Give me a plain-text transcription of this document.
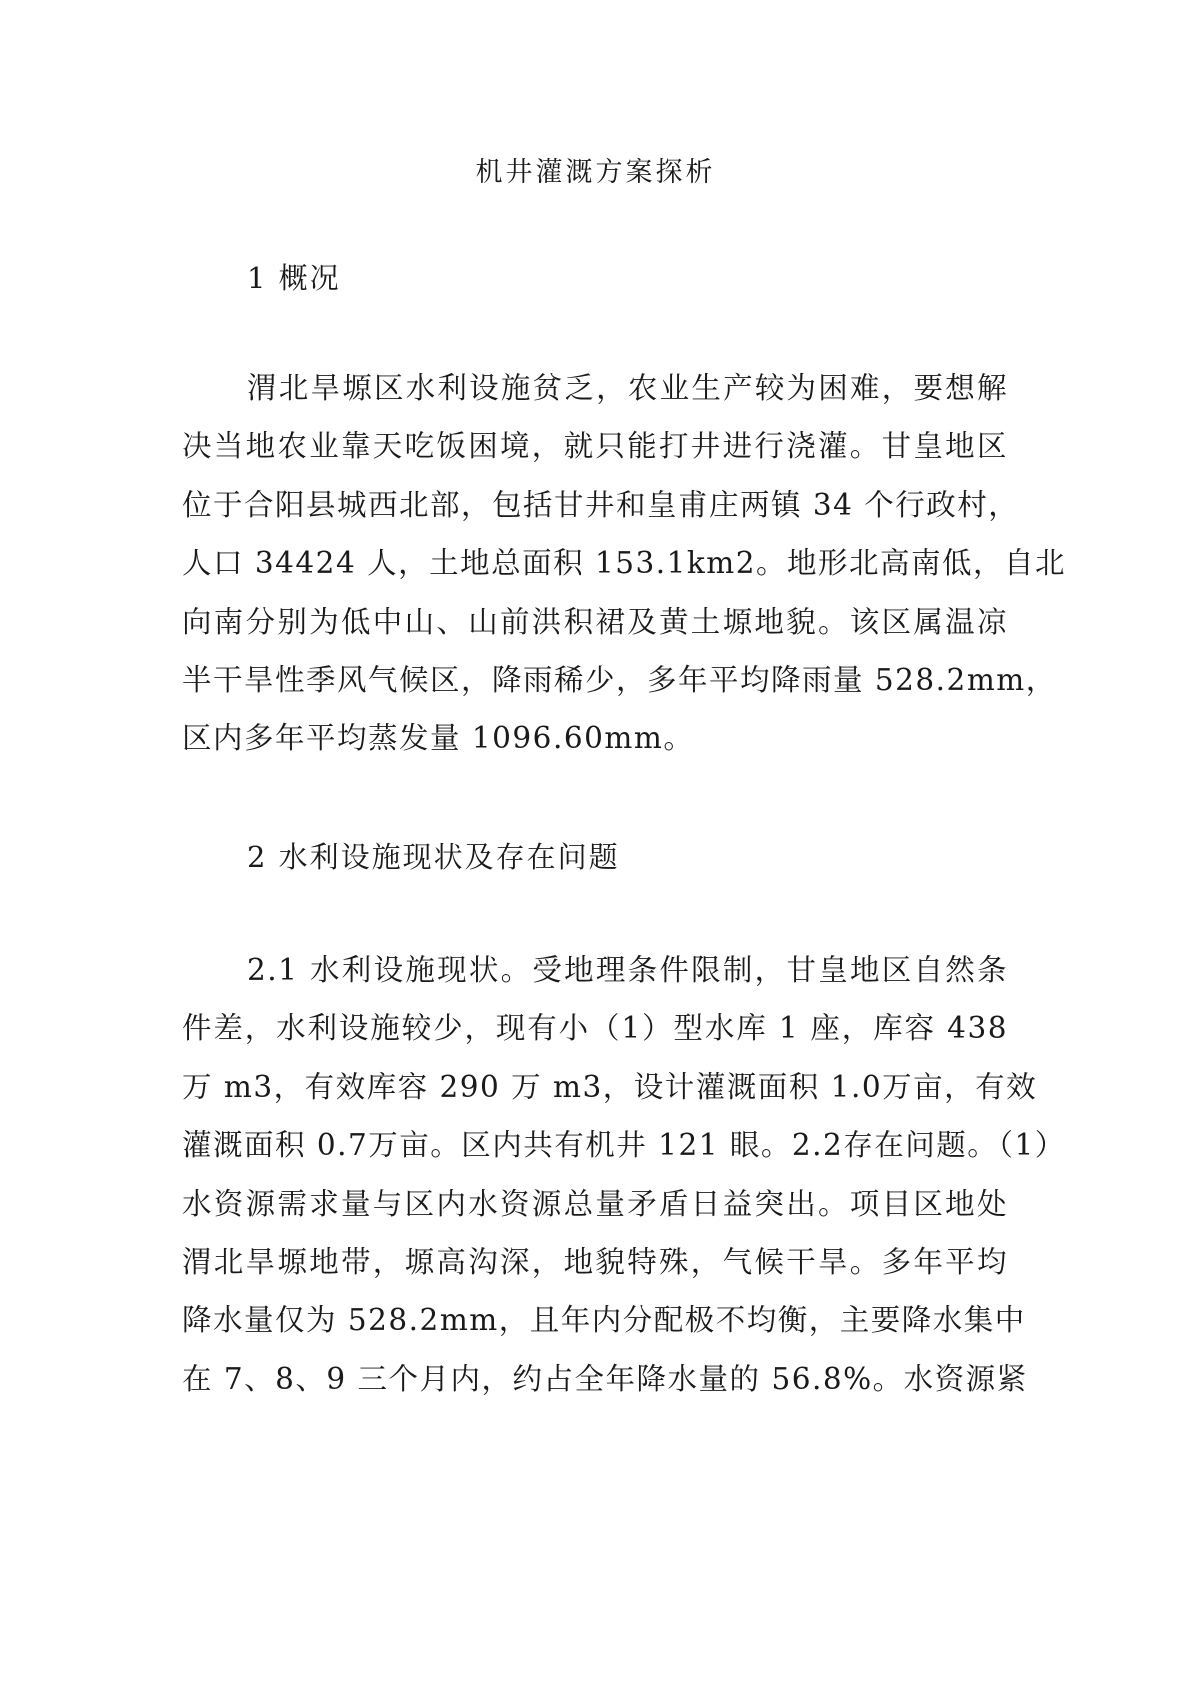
机井灌溉方案探析
1 概况
渭北旱塬区水利设施贫乏，农业生产较为困难，要想解
决当地农业靠天吃饭困境，就只能打井进行浇灌。甘皇地区
位于合阳县城西北部，包括甘井和皇甫庄两镇 34 个行政村，
人口 34424 人，土地总面积 153.1km2。地形北高南低，自北
向南分别为低中山、山前洪积裙及黄土塬地貌。该区属温凉
半干旱性季风气候区，降雨稀少，多年平均降雨量 528.2mm，
区内多年平均蒸发量 1096.60mm。
2 水利设施现状及存在问题
2.1 水利设施现状。受地理条件限制，甘皇地区自然条
件差，水利设施较少，现有小（1）型水库 1 座，库容 438
万 m3，有效库容 290 万 m3，设计灌溉面积 1.0万亩，有效
灌溉面积 0.7万亩。区内共有机井 121 眼。2.2存在问题。（1）
水资源需求量与区内水资源总量矛盾日益突出。项目区地处
渭北旱塬地带，塬高沟深，地貌特殊，气候干旱。多年平均
降水量仅为 528.2mm，且年内分配极不均衡，主要降水集中
在 7、8、9 三个月内，约占全年降水量的 56.8%。水资源紧
